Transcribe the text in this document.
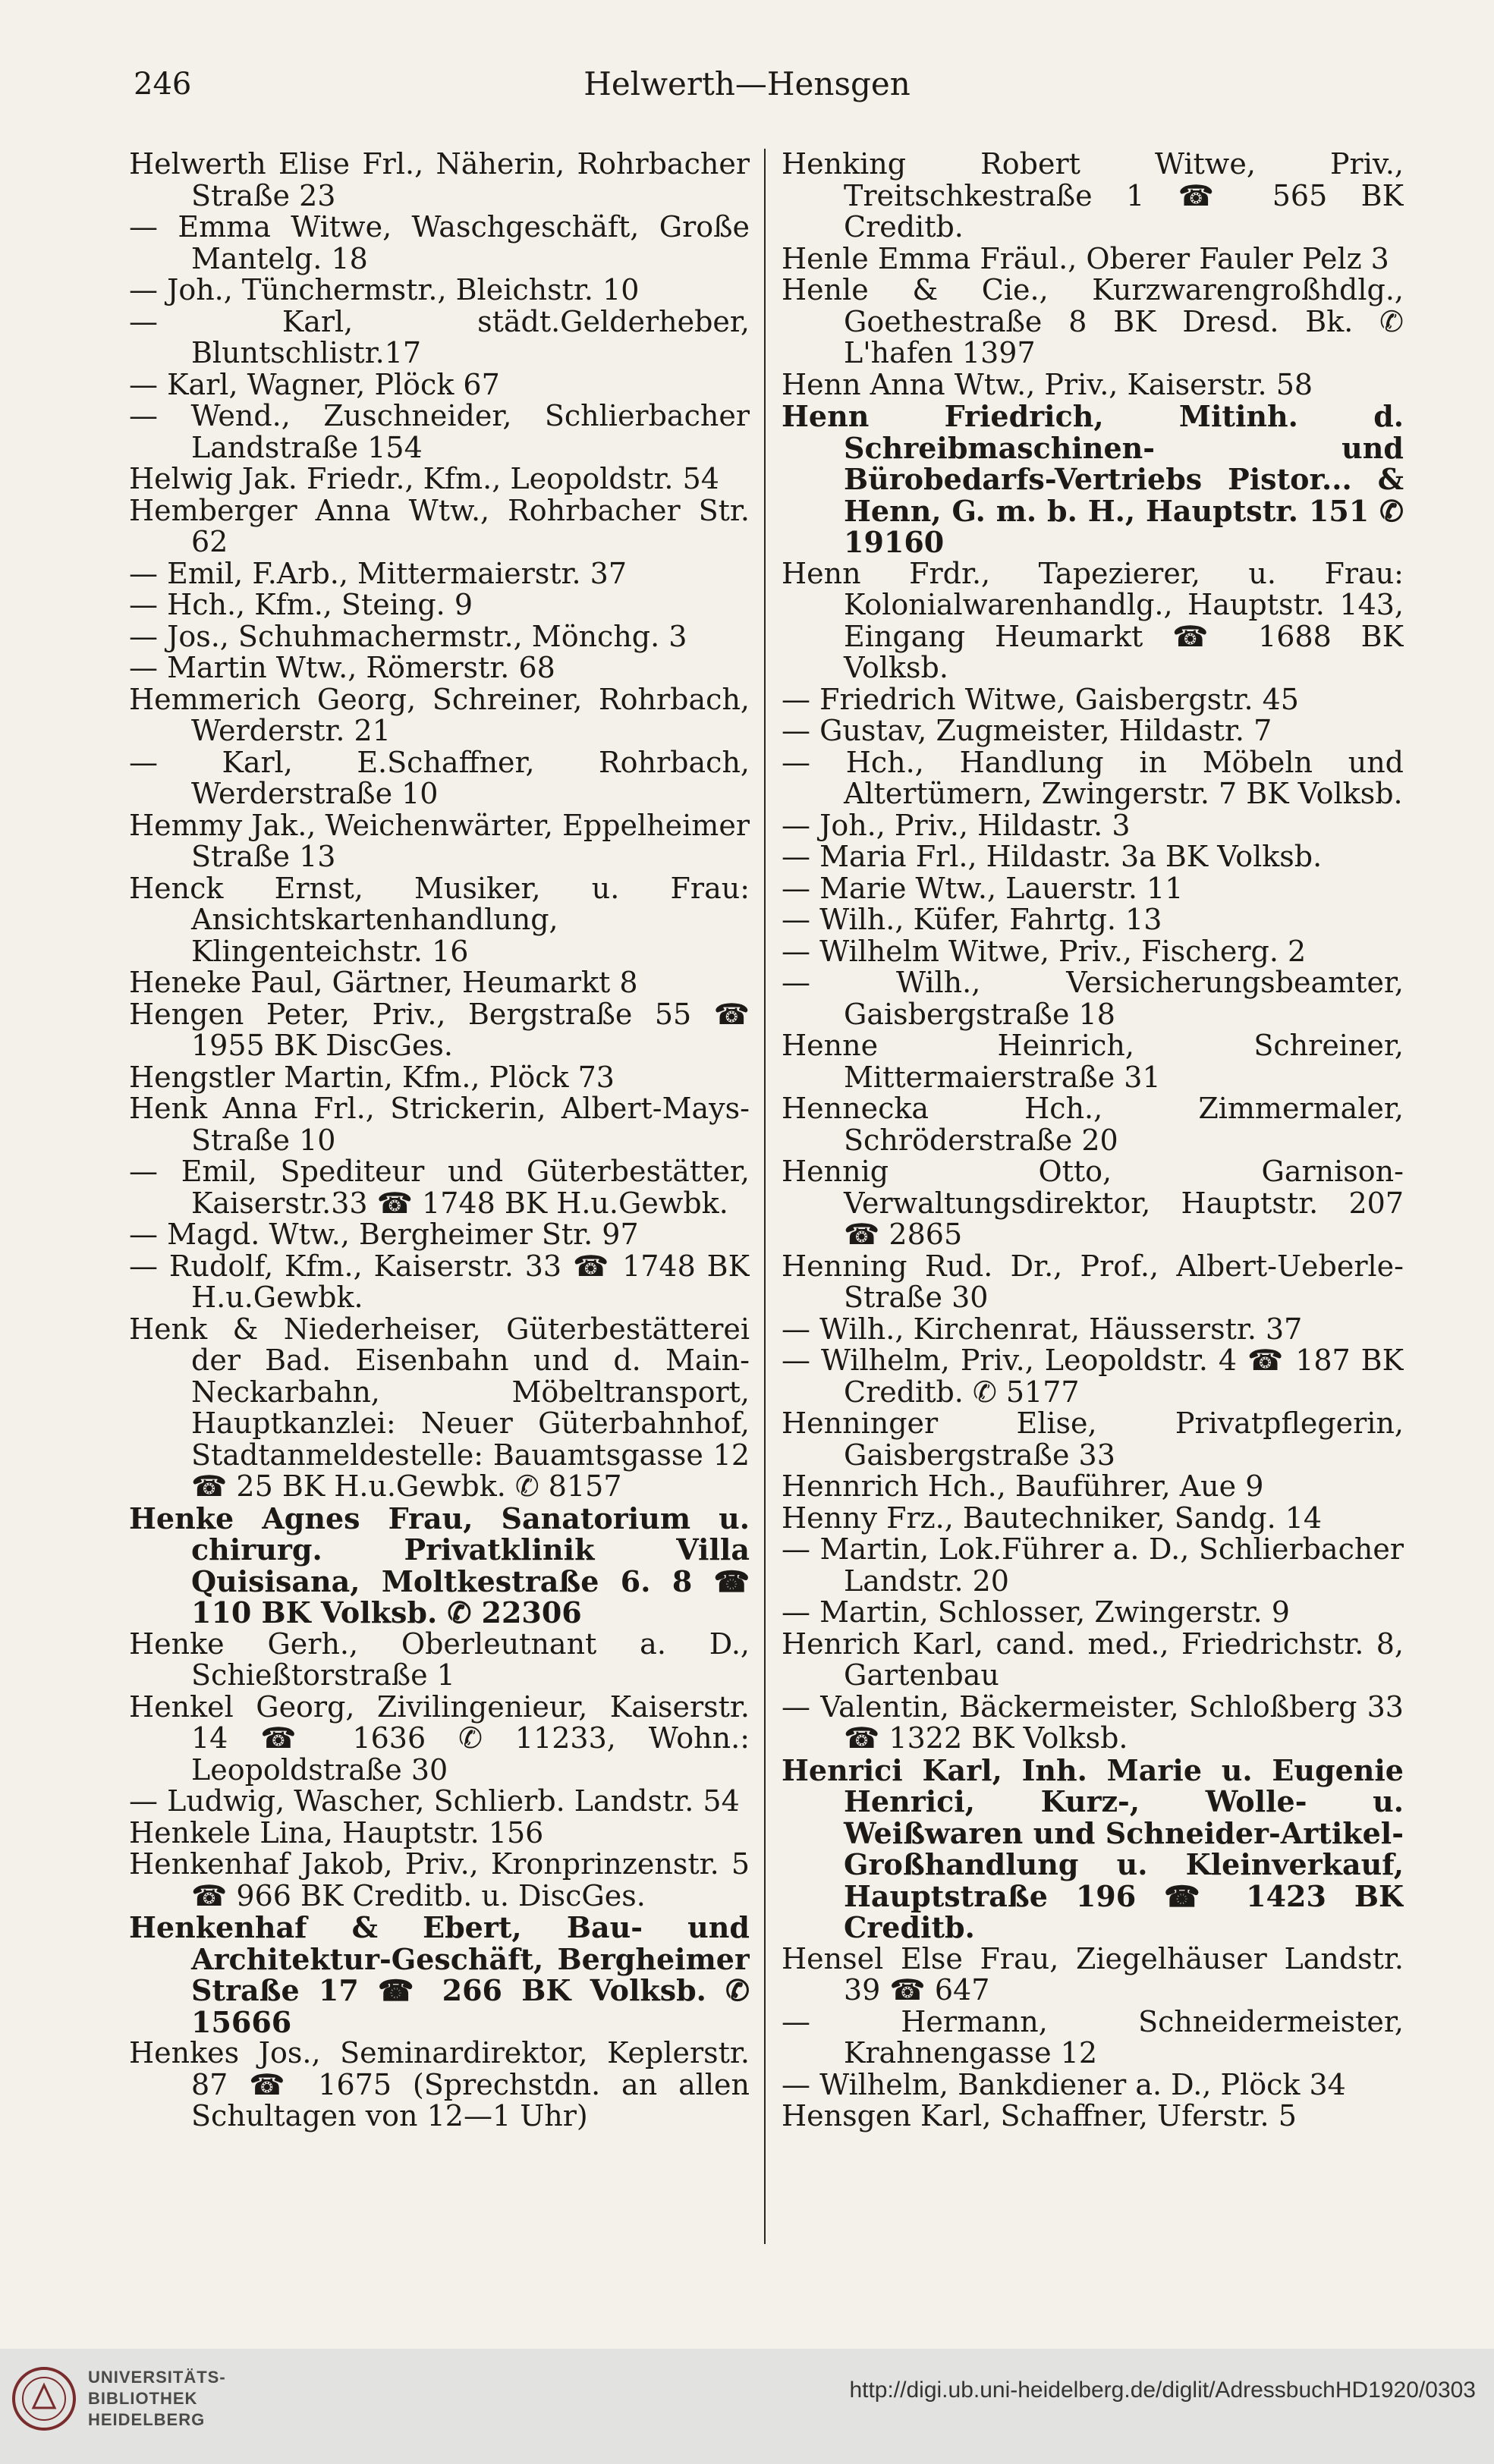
246	Helwerth—Hensgen

Helwerth Elise Frl., Näherin, Rohrbacher Straße 23

— Emma Witwe, Waschgeschäft, Große Mantelg. 18

— Joh., Tünchermstr., Bleichstr. 10

— Karl, städt.Gelderheber, Bluntschlistr.17

— Karl, Wagner, Plöck 67

— Wend., Zuschneider, Schlierbacher Landstraße 154

Helwig Jak. Friedr., Kfm., Leopoldstr. 54

Hemberger Anna Wtw., Rohrbacher Str. 62

— Emil, F.Arb., Mittermaierstr. 37

— Hch., Kfm., Steing. 9

— Jos., Schuhmachermstr., Mönchg. 3

— Martin Wtw., Römerstr. 68

Hemmerich Georg, Schreiner, Rohrbach, Werderstr. 21

— Karl, E.Schaffner, Rohrbach, Werderstraße 10

Hemmy Jak., Weichenwärter, Eppelheimer Straße 13

Henck Ernst, Musiker, u. Frau: Ansichtskartenhandlung, Klingenteichstr. 16

Heneke Paul, Gärtner, Heumarkt 8

Hengen Peter, Priv., Bergstraße 55 ☎ 1955 BK DiscGes.

Hengstler Martin, Kfm., Plöck 73

Henk Anna Frl., Strickerin, Albert-Mays-Straße 10

— Emil, Spediteur und Güterbestätter, Kaiserstr.33 ☎ 1748 BK H.u.Gewbk.

— Magd. Wtw., Bergheimer Str. 97

— Rudolf, Kfm., Kaiserstr. 33 ☎ 1748 BK H.u.Gewbk.

Henk & Niederheiser, Güterbestätterei der Bad. Eisenbahn und d. Main-Neckarbahn, Möbeltransport, Hauptkanzlei: Neuer Güterbahnhof, Stadtanmeldestelle: Bauamtsgasse 12 ☎ 25 BK H.u.Gewbk. ✆ 8157

Henke Agnes Frau, Sanatorium u. chirurg. Privatklinik Villa Quisisana, Moltkestraße 6. 8 ☎ 110 BK Volksb. ✆ 22306

Henke Gerh., Oberleutnant a. D., Schießtorstraße 1

Henkel Georg, Zivilingenieur, Kaiserstr. 14 ☎ 1636 ✆ 11233, Wohn.: Leopoldstraße 30

— Ludwig, Wascher, Schlierb. Landstr. 54

Henkele Lina, Hauptstr. 156

Henkenhaf Jakob, Priv., Kronprinzenstr. 5 ☎ 966 BK Creditb. u. DiscGes.

Henkenhaf & Ebert, Bau- und Architektur-Geschäft, Bergheimer Straße 17 ☎ 266 BK Volksb. ✆ 15666

Henkes Jos., Seminardirektor, Keplerstr. 87 ☎ 1675 (Sprechstdn. an allen Schultagen von 12—1 Uhr)

Henking Robert Witwe, Priv., Treitschkestraße 1 ☎ 565 BK Creditb.

Henle Emma Fräul., Oberer Fauler Pelz 3

Henle & Cie., Kurzwarengroßhdlg., Goethestraße 8 BK Dresd. Bk. ✆ L'hafen 1397

Henn Anna Wtw., Priv., Kaiserstr. 58

Henn Friedrich, Mitinh. d. Schreibmaschinen- und Bürobedarfs-Vertriebs Pistor... & Henn, G. m. b. H., Hauptstr. 151 ✆ 19160

Henn Frdr., Tapezierer, u. Frau: Kolonialwarenhandlg., Hauptstr. 143, Eingang Heumarkt ☎ 1688 BK Volksb.

— Friedrich Witwe, Gaisbergstr. 45

— Gustav, Zugmeister, Hildastr. 7

— Hch., Handlung in Möbeln und Altertümern, Zwingerstr. 7 BK Volksb.

— Joh., Priv., Hildastr. 3

— Maria Frl., Hildastr. 3a BK Volksb.

— Marie Wtw., Lauerstr. 11

— Wilh., Küfer, Fahrtg. 13

— Wilhelm Witwe, Priv., Fischerg. 2

— Wilh., Versicherungsbeamter, Gaisbergstraße 18

Henne Heinrich, Schreiner, Mittermaierstraße 31

Hennecka Hch., Zimmermaler, Schröderstraße 20

Hennig Otto, Garnison-Verwaltungsdirektor, Hauptstr. 207 ☎ 2865

Henning Rud. Dr., Prof., Albert-Ueberle-Straße 30

— Wilh., Kirchenrat, Häusserstr. 37

— Wilhelm, Priv., Leopoldstr. 4 ☎ 187 BK Creditb. ✆ 5177

Henninger Elise, Privatpflegerin, Gaisbergstraße 33

Hennrich Hch., Bauführer, Aue 9

Henny Frz., Bautechniker, Sandg. 14

— Martin, Lok.Führer a. D., Schlierbacher Landstr. 20

— Martin, Schlosser, Zwingerstr. 9

Henrich Karl, cand. med., Friedrichstr. 8, Gartenbau

— Valentin, Bäckermeister, Schloßberg 33 ☎ 1322 BK Volksb.

Henrici Karl, Inh. Marie u. Eugenie Henrici, Kurz-, Wolle- u. Weißwaren und Schneider-Artikel-Großhandlung u. Kleinverkauf, Hauptstraße 196 ☎ 1423 BK Creditb.

Hensel Else Frau, Ziegelhäuser Landstr. 39 ☎ 647

— Hermann, Schneidermeister, Krahnengasse 12

— Wilhelm, Bankdiener a. D., Plöck 34

Hensgen Karl, Schaffner, Uferstr. 5

UNIVERSITÄTS-
BIBLIOTHEK
HEIDELBERG
http://digi.ub.uni-heidelberg.de/diglit/AdressbuchHD1920/0303
